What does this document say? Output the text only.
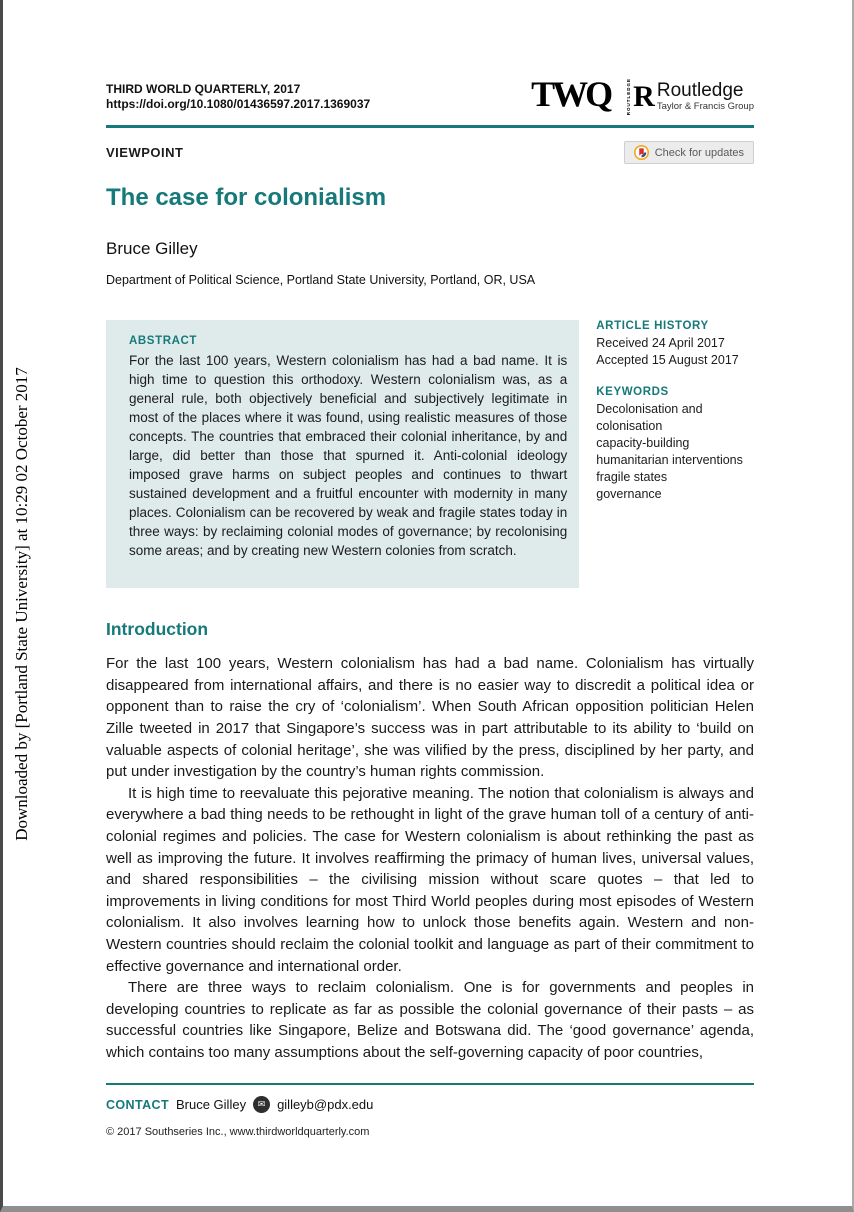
Downloaded by [Portland State University] at 10:29 02 October 2017
THIRD WORLD QUARTERLY, 2017
https://doi.org/10.1080/01436597.2017.1369037	TWQ	ROUTLEDGE R Routledge
Taylor & Francis Group
VIEWPOINT	Check for updates
The case for colonialism
Bruce Gilley
Department of Political Science, Portland State University, Portland, OR, USA
ABSTRACT
For the last 100 years, Western colonialism has had a bad name. It is high time to question this orthodoxy. Western colonialism was, as a general rule, both objectively beneficial and subjectively legitimate in most of the places where it was found, using realistic measures of those concepts. The countries that embraced their colonial inheritance, by and large, did better than those that spurned it. Anti-colonial ideology imposed grave harms on subject peoples and continues to thwart sustained development and a fruitful encounter with modernity in many places. Colonialism can be recovered by weak and fragile states today in three ways: by reclaiming colonial modes of governance; by recolonising some areas; and by creating new Western colonies from scratch.
ARTICLE HISTORY
Received 24 April 2017
Accepted 15 August 2017
KEYWORDS
Decolonisation and colonisation
capacity-building
humanitarian interventions
fragile states
governance
Introduction

For the last 100 years, Western colonialism has had a bad name. Colonialism has virtually disappeared from international affairs, and there is no easier way to discredit a political idea or opponent than to raise the cry of ‘colonialism’. When South African opposition politician Helen Zille tweeted in 2017 that Singapore’s success was in part attributable to its ability to ‘build on valuable aspects of colonial heritage’, she was vilified by the press, disciplined by her party, and put under investigation by the country’s human rights commission.

It is high time to reevaluate this pejorative meaning. The notion that colonialism is always and everywhere a bad thing needs to be rethought in light of the grave human toll of a century of anti-colonial regimes and policies. The case for Western colonialism is about rethinking the past as well as improving the future. It involves reaffirming the primacy of human lives, universal values, and shared responsibilities – the civilising mission without scare quotes – that led to improvements in living conditions for most Third World peoples during most episodes of Western colonialism. It also involves learning how to unlock those benefits again. Western and non-Western countries should reclaim the colonial toolkit and language as part of their commitment to effective governance and international order.

There are three ways to reclaim colonialism. One is for governments and peoples in developing countries to replicate as far as possible the colonial governance of their pasts – as successful countries like Singapore, Belize and Botswana did. The ‘good governance’ agenda, which contains too many assumptions about the self-governing capacity of poor countries,

CONTACT Bruce Gilley	✉ gilleyb@pdx.edu
© 2017 Southseries Inc., www.thirdworldquarterly.com
